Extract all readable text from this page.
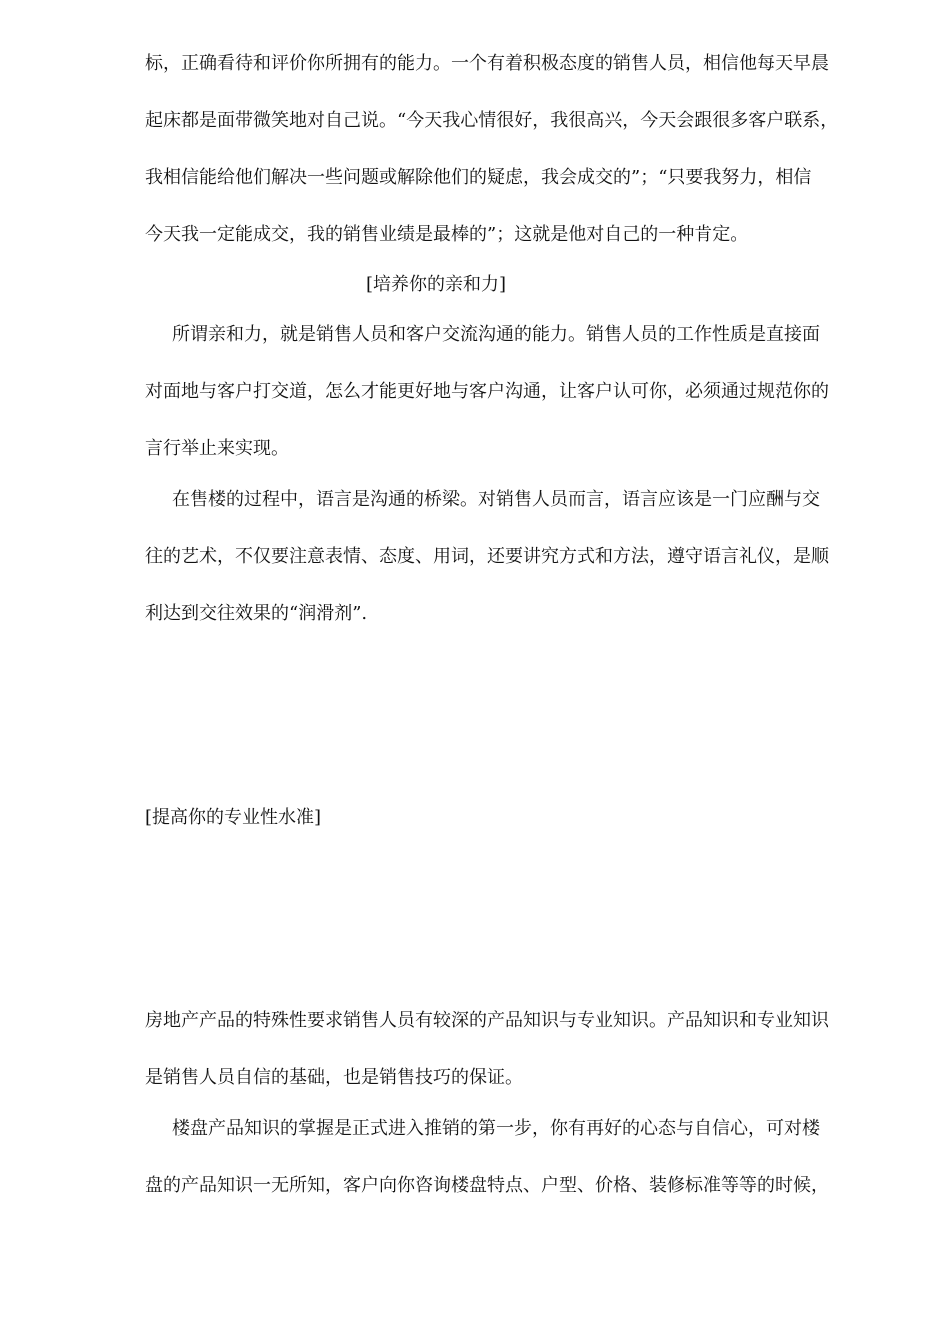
标，正确看待和评价你所拥有的能力。一个有着积极态度的销售人员，相信他每天早晨
起床都是面带微笑地对自己说。“今天我心情很好，我很高兴，今天会跟很多客户联系，
我相信能给他们解决一些问题或解除他们的疑虑，我会成交的”；“只要我努力，相信
今天我一定能成交，我的销售业绩是最棒的”；这就是他对自己的一种肯定。
[培养你的亲和力]
所谓亲和力，就是销售人员和客户交流沟通的能力。销售人员的工作性质是直接面
对面地与客户打交道，怎么才能更好地与客户沟通，让客户认可你，必须通过规范你的
言行举止来实现。
在售楼的过程中，语言是沟通的桥梁。对销售人员而言，语言应该是一门应酬与交
往的艺术，不仅要注意表情、态度、用词，还要讲究方式和方法，遵守语言礼仪，是顺
利达到交往效果的“润滑剂”.
[提高你的专业性水准]
房地产产品的特殊性要求销售人员有较深的产品知识与专业知识。产品知识和专业知识
是销售人员自信的基础，也是销售技巧的保证。
楼盘产品知识的掌握是正式进入推销的第一步，你有再好的心态与自信心，可对楼
盘的产品知识一无所知，客户向你咨询楼盘特点、户型、价格、装修标准等等的时候，
